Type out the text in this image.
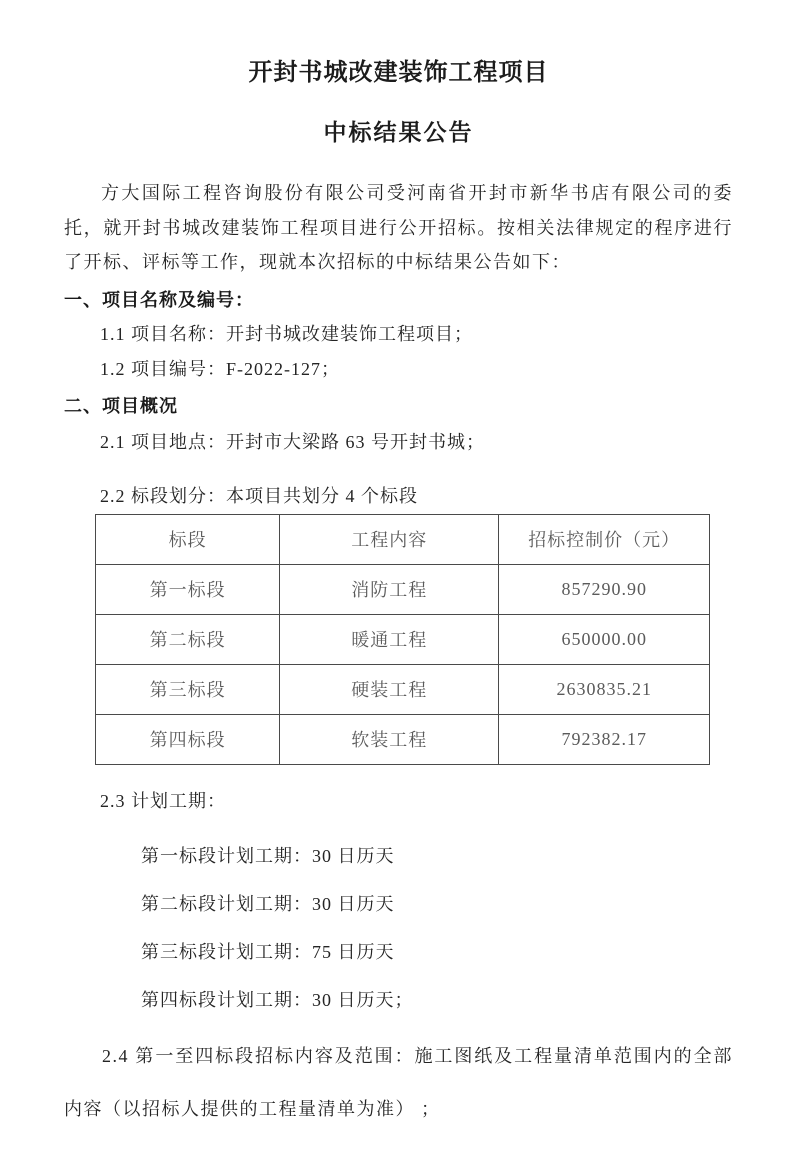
开封书城改建装饰工程项目
中标结果公告

方大国际工程咨询股份有限公司受河南省开封市新华书店有限公司的委托，就开封书城改建装饰工程项目进行公开招标。按相关法律规定的程序进行了开标、评标等工作，现就本次招标的中标结果公告如下：

一、项目名称及编号：

1.1 项目名称：开封书城改建装饰工程项目；

1.2 项目编号：F-2022-127；

二、项目概况

2.1 项目地点：开封市大梁路 63 号开封书城；

2.2 标段划分：本项目共划分 4 个标段

标段	工程内容	招标控制价（元）
第一标段	消防工程	857290.90
第二标段	暖通工程	650000.00
第三标段	硬装工程	2630835.21
第四标段	软装工程	792382.17

2.3 计划工期：

第一标段计划工期：30 日历天

第二标段计划工期：30 日历天

第三标段计划工期：75 日历天

第四标段计划工期：30 日历天；

2.4 第一至四标段招标内容及范围：施工图纸及工程量清单范围内的全部内容（以招标人提供的工程量清单为准） ；
